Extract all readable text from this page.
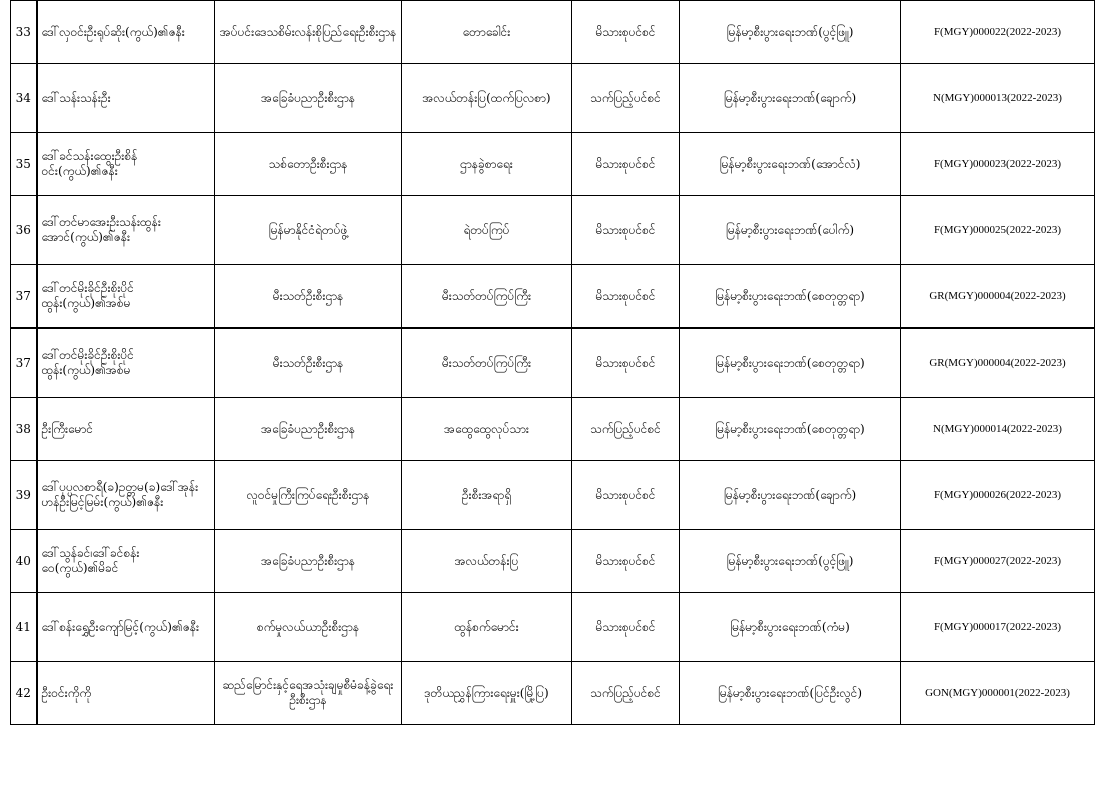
33	ဒေါ်လှဝင်းဦးရုပ်ဆိုး(ကွယ်)၏ဇနီး	အပ်ပင်းဒေသစိမ်းလန်းစိုပြည်ရေးဦးစီးဌာန	တောခေါင်း	မိသားစုပင်စင်	မြန်မာ့စီးပွားရေးဘဏ်(ပွင့်ဖြူ)	F(MGY)000022(2022-2023)
34	ဒေါ်သန်းသန်းဦး	အခြေခံပညာဦးစီးဌာန	အလယ်တန်းပြ(ထက်ပြလစာ)	သက်ပြည့်ပင်စင်	မြန်မာ့စီးပွားရေးဘဏ်(ချောက်)	N(MGY)000013(2022-2023)
35	ဒေါ်ခင်သန်းထွေးဦးစိန်ဝင်း(ကွယ်)၏ဇနီး	သစ်တောဦးစီးဌာန	ဌာနခွဲစာရေး	မိသားစုပင်စင်	မြန်မာ့စီးပွားရေးဘဏ်(အောင်လံ)	F(MGY)000023(2022-2023)
36	ဒေါ်တင်မာအေးဦးသန်းထွန်းအောင်(ကွယ်)၏ဇနီး	မြန်မာနိုင်ငံရဲတပ်ဖွဲ့	ရဲတပ်ကြပ်	မိသားစုပင်စင်	မြန်မာ့စီးပွားရေးဘဏ်(ပေါက်)	F(MGY)000025(2022-2023)
37	ဒေါ်တင်မိုးခိုင်ဦးစိုးပိုင်ထွန်း(ကွယ်)၏အစ်မ	မီးသတ်ဦးစီးဌာန	မီးသတ်တပ်ကြပ်ကြီး	မိသားစုပင်စင်	မြန်မာ့စီးပွားရေးဘဏ်(စေတုတ္တရာ)	GR(MGY)000004(2022-2023)
37	ဒေါ်တင်မိုးခိုင်ဦးစိုးပိုင်ထွန်း(ကွယ်)၏အစ်မ	မီးသတ်ဦးစီးဌာန	မီးသတ်တပ်ကြပ်ကြီး	မိသားစုပင်စင်	မြန်မာ့စီးပွားရေးဘဏ်(စေတုတ္တရာ)	GR(MGY)000004(2022-2023)
38	ဦးကြီးမောင်	အခြေခံပညာဦးစီးဌာန	အထွေထွေလုပ်သား	သက်ပြည့်ပင်စင်	မြန်မာ့စီးပွားရေးဘဏ်(စေတုတ္တရာ)	N(MGY)000014(2022-2023)
39	ဒေါ်ပုပ္ပလစာရီ(ခ)ဥတ္တမ(ခ)ဒေါ်အုန်းဟန်ဦးမြင့်မြမ်း(ကွယ်)၏ဇနီး	လူဝင်မှုကြီးကြပ်ရေးဦးစီးဌာန	ဦးစီးအရာရှိ	မိသားစုပင်စင်	မြန်မာ့စီးပွားရေးဘဏ်(ချောက်)	F(MGY)000026(2022-2023)
40	ဒေါ်သွန်ခင်၊ဒေါ်ခင်စန်းဝေ(ကွယ်)၏မိခင်	အခြေခံပညာဦးစီးဌာန	အလယ်တန်းပြ	မိသားစုပင်စင်	မြန်မာ့စီးပွားရေးဘဏ်(ပွင့်ဖြူ)	F(MGY)000027(2022-2023)
41	ဒေါ်စန်းရွှေဦးကျော်မြင့်(ကွယ်)၏ဇနီး	စက်မှုလယ်ယာဦးစီးဌာန	ထွန်စက်မောင်း	မိသားစုပင်စင်	မြန်မာ့စီးပွားရေးဘဏ်(ကံမ)	F(MGY)000017(2022-2023)
42	ဦးဝင်းကိုကို	ဆည်မြောင်းနှင့်ရေအသုံးချမှုစီမံခန့်ခွဲရေးဦးစီးဌာန	ဒုတိယညွှန်ကြားရေးမှူး(မြို့ပြ)	သက်ပြည့်ပင်စင်	မြန်မာ့စီးပွားရေးဘဏ်(ပြင်ဦးလွင်)	GON(MGY)000001(2022-2023)
